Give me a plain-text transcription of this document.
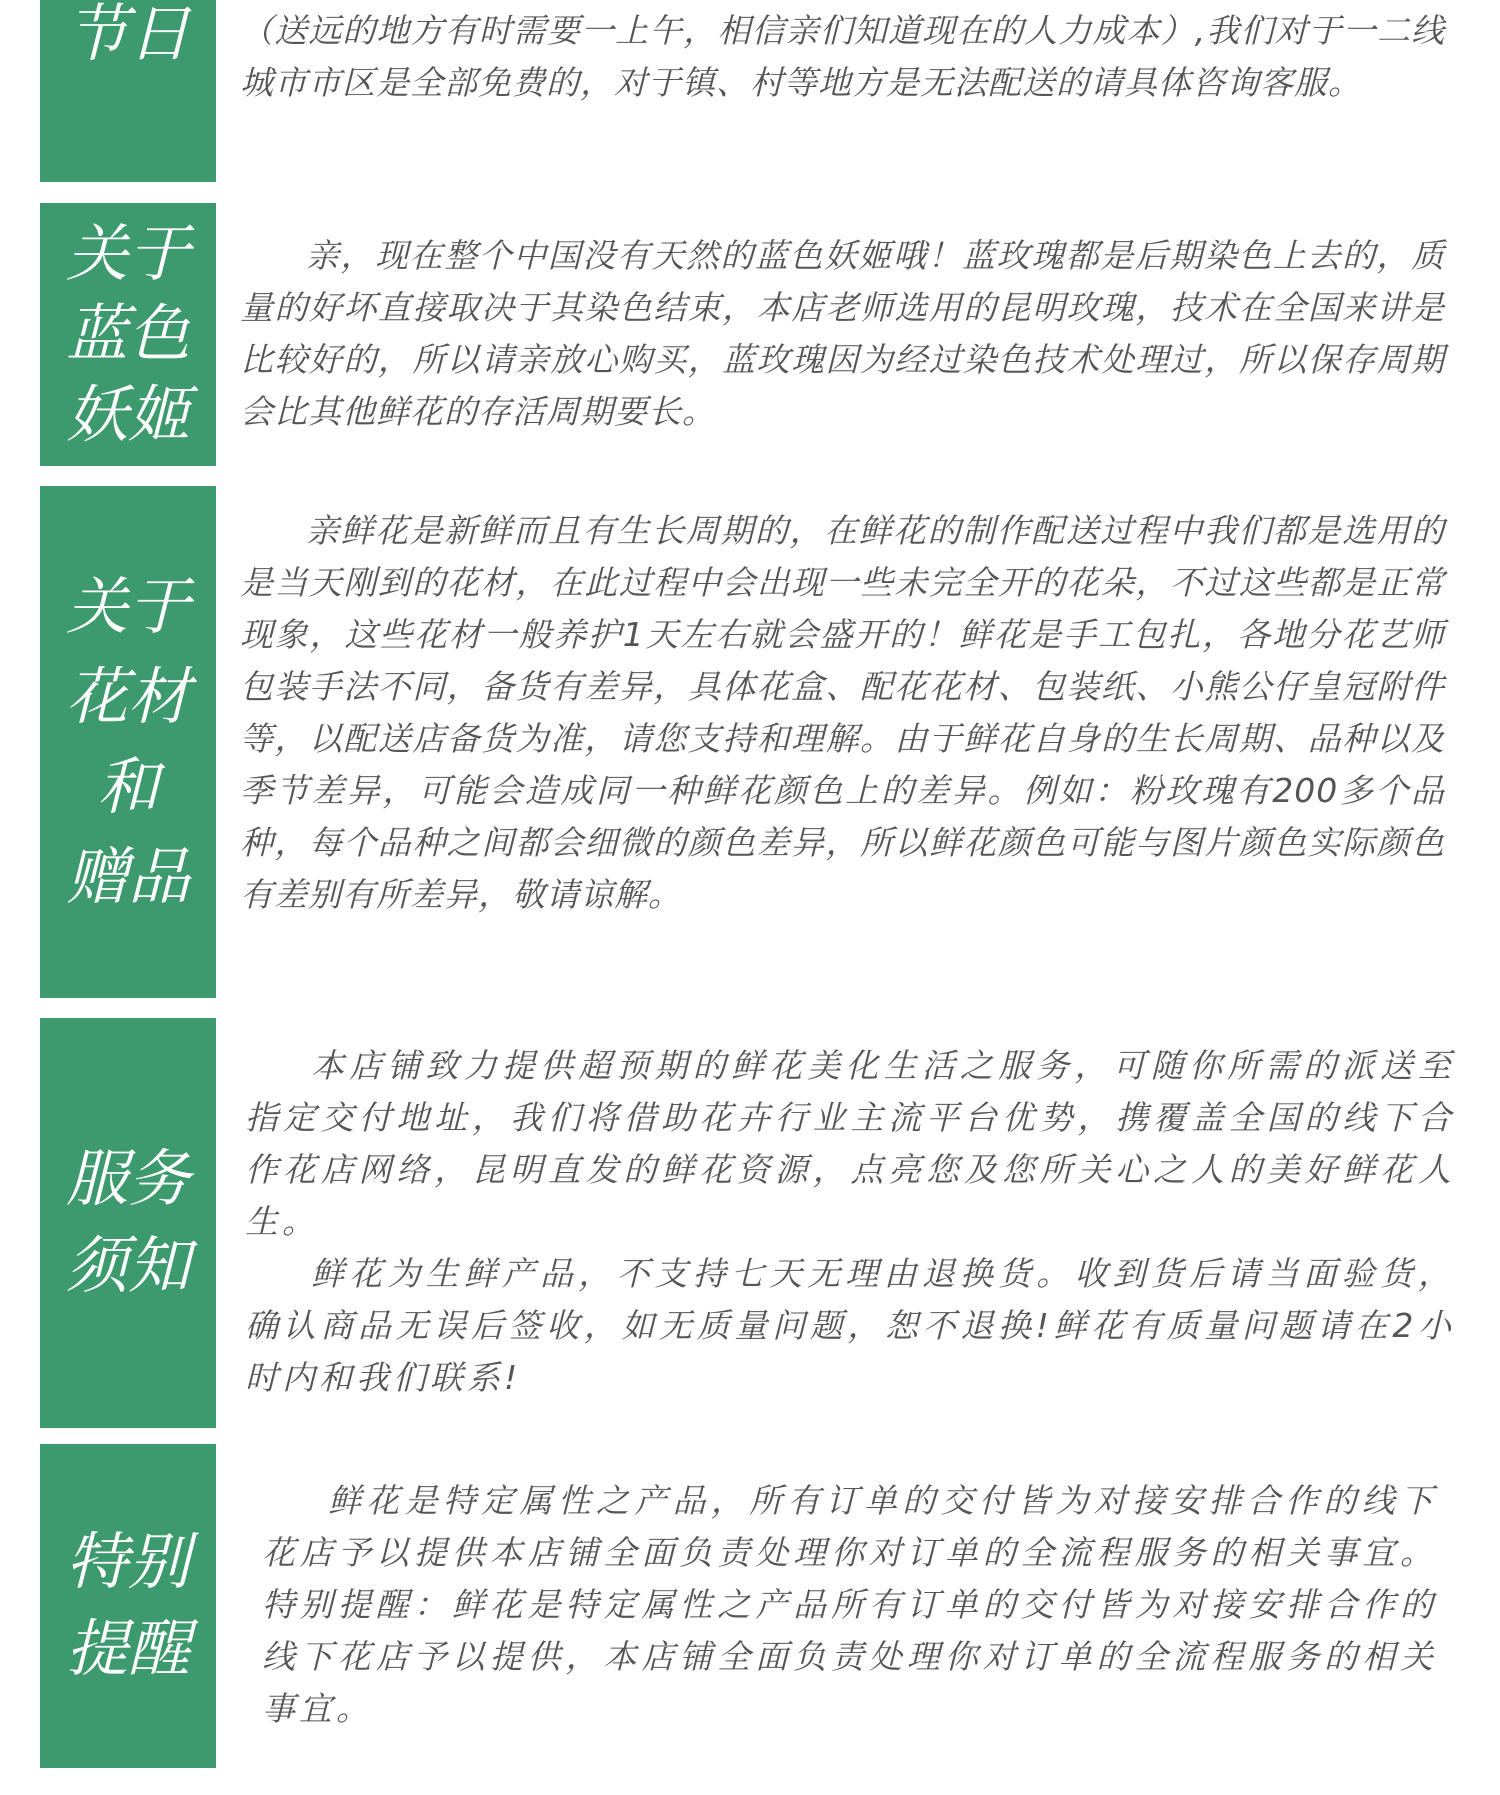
节日 （送远的地方有时需要一上午，相信亲们知道现在的人力成本）,我们对于一二线城市市区是全部免费的，对于镇、村等地方是无法配送的请具体咨询客服。

关于
蓝色
妖姬

亲，现在整个中国没有天然的蓝色妖姬哦！蓝玫瑰都是后期染色上去的，质量的好坏直接取决于其染色结束，本店老师选用的昆明玫瑰，技术在全国来讲是比较好的，所以请亲放心购买，蓝玫瑰因为经过染色技术处理过，所以保存周期会比其他鲜花的存活周期要长。

关于
花材
和
赠品

亲鲜花是新鲜而且有生长周期的，在鲜花的制作配送过程中我们都是选用的是当天刚到的花材，在此过程中会出现一些未完全开的花朵，不过这些都是正常现象，这些花材一般养护1天左右就会盛开的！鲜花是手工包扎，各地分花艺师包装手法不同，备货有差异，具体花盒、配花花材、包装纸、小熊公仔皇冠附件等，以配送店备货为准，请您支持和理解。由于鲜花自身的生长周期、品种以及季节差异，可能会造成同一种鲜花颜色上的差异。例如：粉玫瑰有200多个品种，每个品种之间都会细微的颜色差异，所以鲜花颜色可能与图片颜色实际颜色有差别有所差异，敬请谅解。

服务
须知

本店铺致力提供超预期的鲜花美化生活之服务，可随你所需的派送至指定交付地址，我们将借助花卉行业主流平台优势，携覆盖全国的线下合作花店网络，昆明直发的鲜花资源，点亮您及您所关心之人的美好鲜花人生。

鲜花为生鲜产品，不支持七天无理由退换货。收到货后请当面验货，确认商品无误后签收，如无质量问题，恕不退换!鲜花有质量问题请在2小时内和我们联系!

特别
提醒

鲜花是特定属性之产品，所有订单的交付皆为对接安排合作的线下花店予以提供本店铺全面负责处理你对订单的全流程服务的相关事宜。特别提醒：鲜花是特定属性之产品所有订单的交付皆为对接安排合作的线下花店予以提供，本店铺全面负责处理你对订单的全流程服务的相关事宜。
